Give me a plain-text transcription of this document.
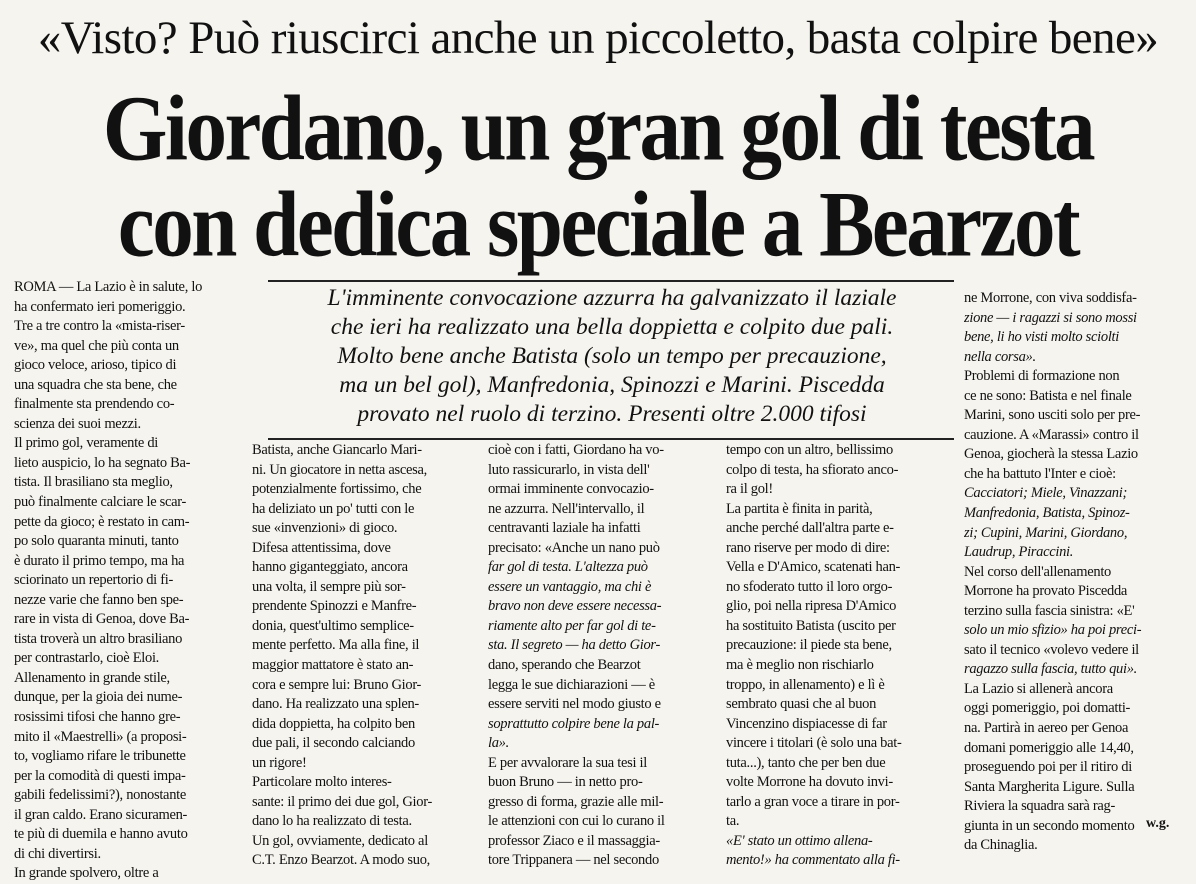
«Visto? Può riuscirci anche un piccoletto, basta colpire bene»
Giordano, un gran gol di testa
con dedica speciale a Bearzot
L'imminente convocazione azzurra ha galvanizzato il laziale
che ieri ha realizzato una bella doppietta e colpito due pali.
Molto bene anche Batista (solo un tempo per precauzione,
ma un bel gol), Manfredonia, Spinozzi e Marini. Piscedda
provato nel ruolo di terzino. Presenti oltre 2.000 tifosi
ROMA — La Lazio è in salute, lo
ha confermato ieri pomeriggio.
Tre a tre contro la «mista-riser-
ve», ma quel che più conta un
gioco veloce, arioso, tipico di
una squadra che sta bene, che
finalmente sta prendendo co-
scienza dei suoi mezzi.
Il primo gol, veramente di
lieto auspicio, lo ha segnato Ba-
tista. Il brasiliano sta meglio,
può finalmente calciare le scar-
pette da gioco; è restato in cam-
po solo quaranta minuti, tanto
è durato il primo tempo, ma ha
sciorinato un repertorio di fi-
nezze varie che fanno ben spe-
rare in vista di Genoa, dove Ba-
tista troverà un altro brasiliano
per contrastarlo, cioè Eloi.
Allenamento in grande stile,
dunque, per la gioia dei nume-
rosissimi tifosi che hanno gre-
mito il «Maestrelli» (a proposi-
to, vogliamo rifare le tribunette
per la comodità di questi impa-
gabili fedelissimi?), nonostante
il gran caldo. Erano sicuramen-
te più di duemila e hanno avuto
di chi divertirsi.
In grande spolvero, oltre a
Batista, anche Giancarlo Mari-
ni. Un giocatore in netta ascesa,
potenzialmente fortissimo, che
ha deliziato un po' tutti con le
sue «invenzioni» di gioco.
Difesa attentissima, dove
hanno giganteggiato, ancora
una volta, il sempre più sor-
prendente Spinozzi e Manfre-
donia, quest'ultimo semplice-
mente perfetto. Ma alla fine, il
maggior mattatore è stato an-
cora e sempre lui: Bruno Gior-
dano. Ha realizzato una splen-
dida doppietta, ha colpito ben
due pali, il secondo calciando
un rigore!
Particolare molto interes-
sante: il primo dei due gol, Gior-
dano lo ha realizzato di testa.
Un gol, ovviamente, dedicato al
C.T. Enzo Bearzot. A modo suo,
cioè con i fatti, Giordano ha vo-
luto rassicurarlo, in vista dell'
ormai imminente convocazio-
ne azzurra. Nell'intervallo, il
centravanti laziale ha infatti
precisato: «Anche un nano può
far gol di testa. L'altezza può
essere un vantaggio, ma chi è
bravo non deve essere necessa-
riamente alto per far gol di te-
sta. Il segreto — ha detto Gior-
dano, sperando che Bearzot
legga le sue dichiarazioni — è
essere serviti nel modo giusto e
soprattutto colpire bene la pal-
la».
E per avvalorare la sua tesi il
buon Bruno — in netto pro-
gresso di forma, grazie alle mil-
le attenzioni con cui lo curano il
professor Ziaco e il massaggia-
tore Trippanera — nel secondo
tempo con un altro, bellissimo
colpo di testa, ha sfiorato anco-
ra il gol!
La partita è finita in parità,
anche perché dall'altra parte e-
rano riserve per modo di dire:
Vella e D'Amico, scatenati han-
no sfoderato tutto il loro orgo-
glio, poi nella ripresa D'Amico
ha sostituito Batista (uscito per
precauzione: il piede sta bene,
ma è meglio non rischiarlo
troppo, in allenamento) e lì è
sembrato quasi che al buon
Vincenzino dispiacesse di far
vincere i titolari (è solo una bat-
tuta...), tanto che per ben due
volte Morrone ha dovuto invi-
tarlo a gran voce a tirare in por-
ta.
«E' stato un ottimo allena-
mento!» ha commentato alla fi-
ne Morrone, con viva soddisfa-
zione — i ragazzi si sono mossi
bene, li ho visti molto sciolti
nella corsa».
Problemi di formazione non
ce ne sono: Batista e nel finale
Marini, sono usciti solo per pre-
cauzione. A «Marassi» contro il
Genoa, giocherà la stessa Lazio
che ha battuto l'Inter e cioè:
Cacciatori; Miele, Vinazzani;
Manfredonia, Batista, Spinoz-
zi; Cupini, Marini, Giordano,
Laudrup, Piraccini.
Nel corso dell'allenamento
Morrone ha provato Piscedda
terzino sulla fascia sinistra: «E'
solo un mio sfizio» ha poi preci-
sato il tecnico «volevo vedere il
ragazzo sulla fascia, tutto qui».
La Lazio si allenerà ancora
oggi pomeriggio, poi domatti-
na. Partirà in aereo per Genoa
domani pomeriggio alle 14,40,
proseguendo poi per il ritiro di
Santa Margherita Ligure. Sulla
Riviera la squadra sarà rag-
giunta in un secondo momento
da Chinaglia.
w.g.
